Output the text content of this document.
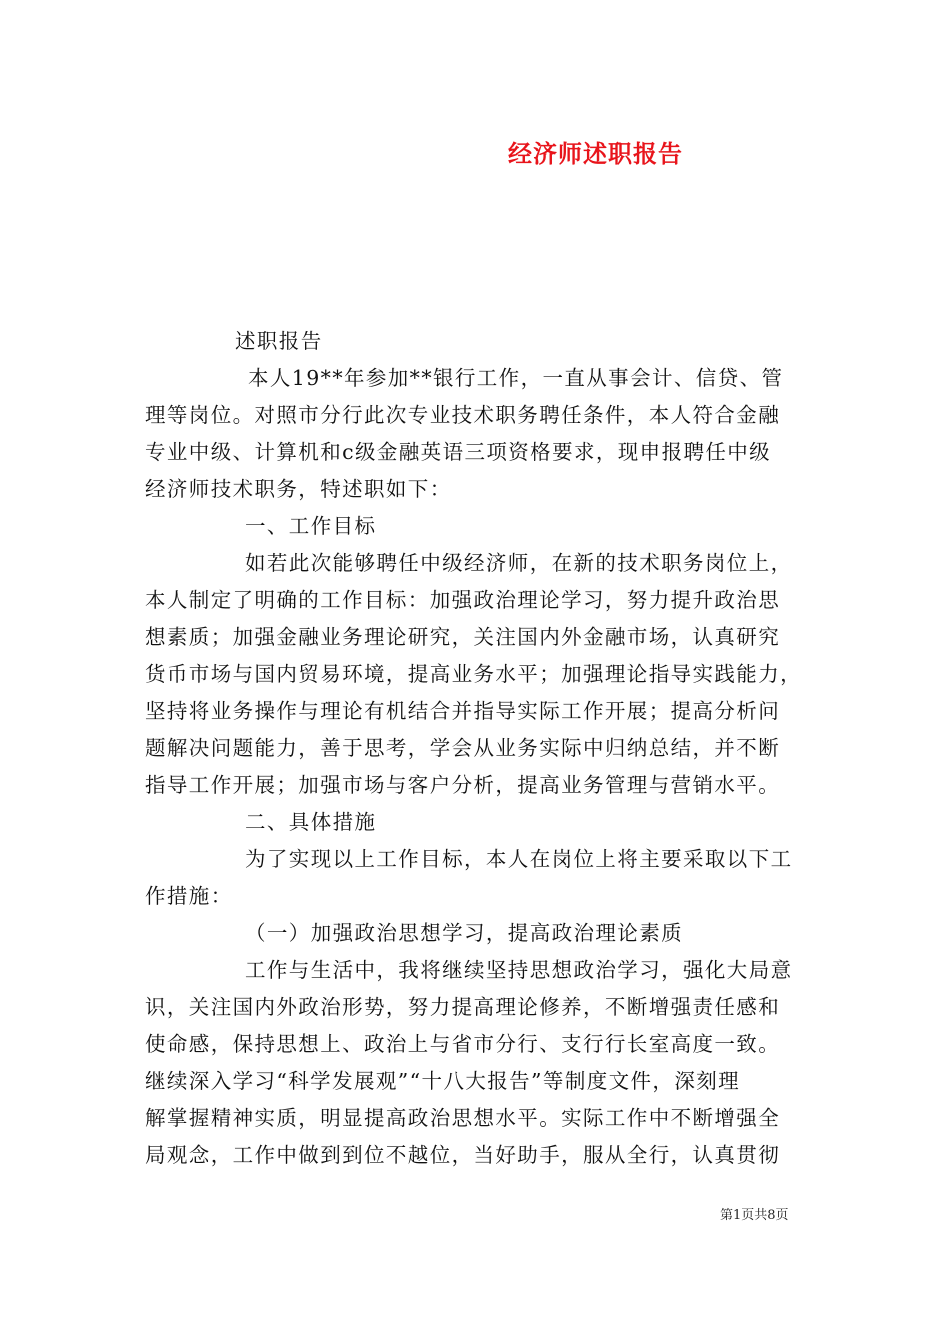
经济师述职报告
述职报告
本人19**年参加**银行工作，一直从事会计、信贷、管
理等岗位。对照市分行此次专业技术职务聘任条件，本人符合金融
专业中级、计算机和c级金融英语三项资格要求，现申报聘任中级
经济师技术职务，特述职如下：
一、工作目标
如若此次能够聘任中级经济师，在新的技术职务岗位上，
本人制定了明确的工作目标：加强政治理论学习，努力提升政治思
想素质；加强金融业务理论研究，关注国内外金融市场，认真研究
货币市场与国内贸易环境，提高业务水平；加强理论指导实践能力，
坚持将业务操作与理论有机结合并指导实际工作开展；提高分析问
题解决问题能力，善于思考，学会从业务实际中归纳总结，并不断
指导工作开展；加强市场与客户分析，提高业务管理与营销水平。
二、具体措施
为了实现以上工作目标，本人在岗位上将主要采取以下工
作措施：
（一）加强政治思想学习，提高政治理论素质
工作与生活中，我将继续坚持思想政治学习，强化大局意
识，关注国内外政治形势，努力提高理论修养，不断增强责任感和
使命感，保持思想上、政治上与省市分行、支行行长室高度一致。
继续深入学习“科学发展观”“十八大报告”等制度文件，深刻理
解掌握精神实质，明显提高政治思想水平。实际工作中不断增强全
局观念，工作中做到到位不越位，当好助手，服从全行，认真贯彻
第1页共8页
